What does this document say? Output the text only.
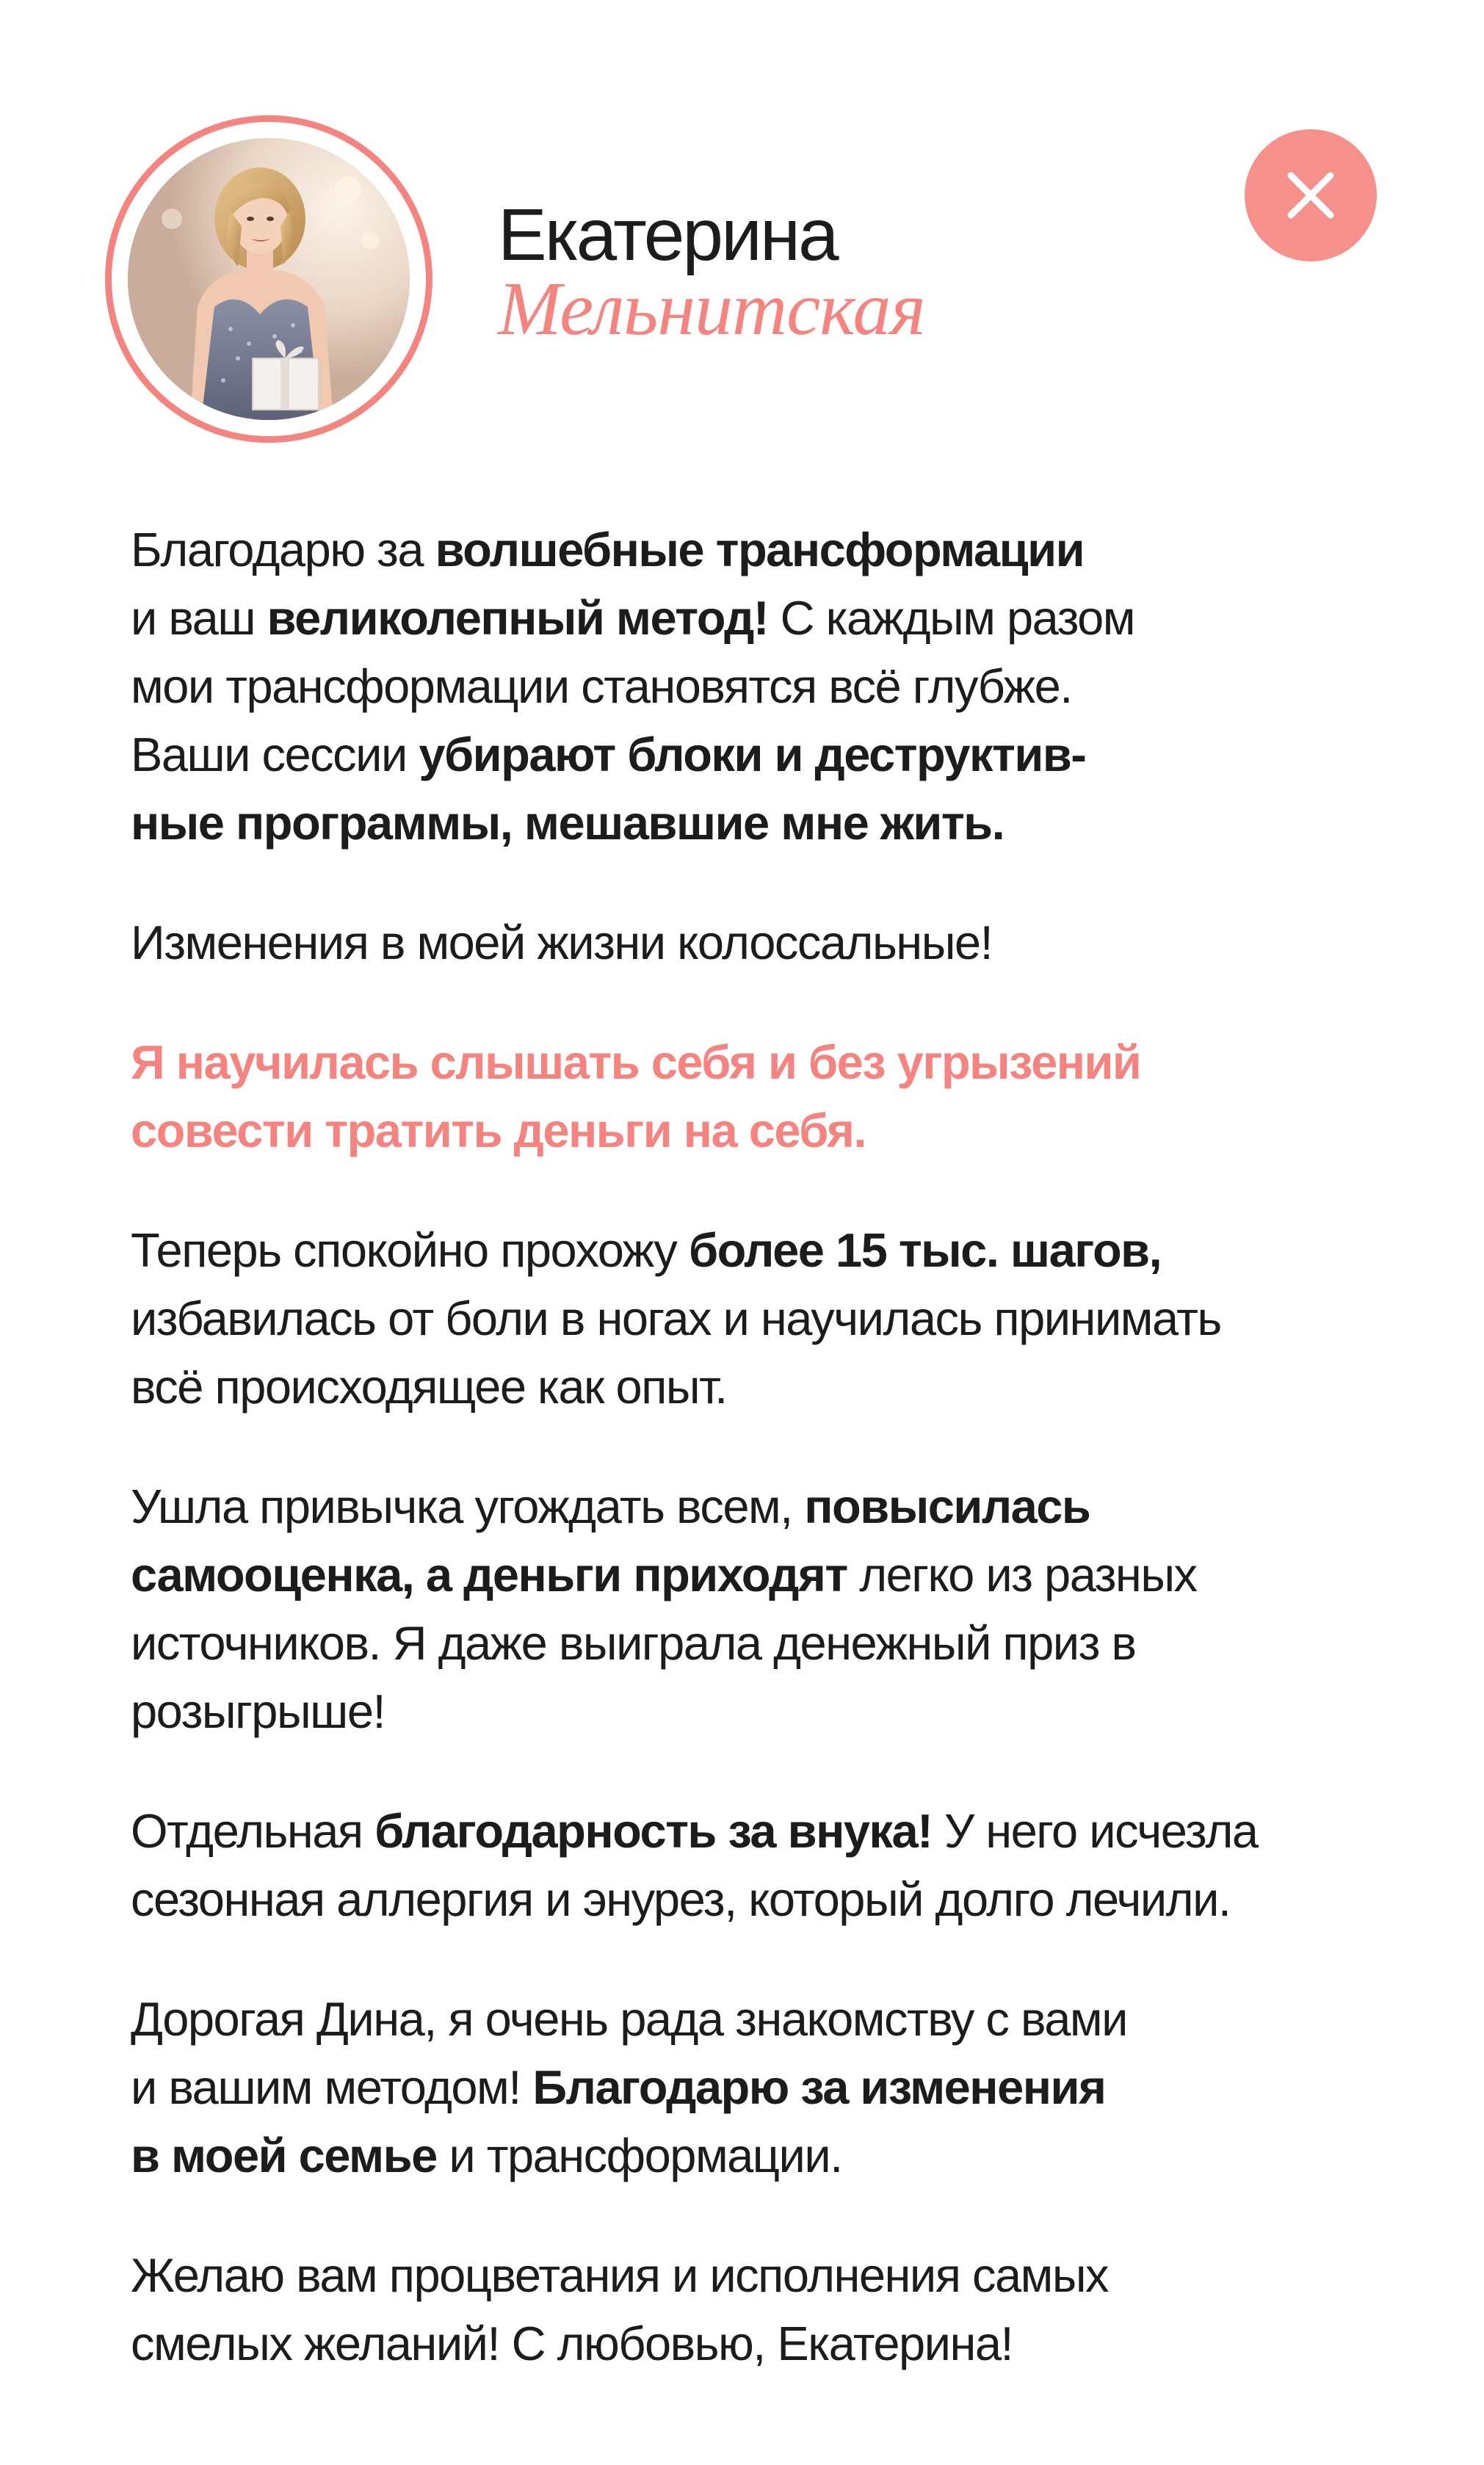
Екатерина
Мельнитская

Благодарю за волшебные трансформации
и ваш великолепный метод! С каждым разом
мои трансформации становятся всё глубже.
Ваши сессии убирают блоки и деструктив-
ные программы, мешавшие мне жить.

Изменения в моей жизни колоссальные!

Я научилась слышать себя и без угрызений
совести тратить деньги на себя.

Теперь спокойно прохожу более 15 тыс. шагов,
избавилась от боли в ногах и научилась принимать
всё происходящее как опыт.

Ушла привычка угождать всем, повысилась
самооценка, а деньги приходят легко из разных
источников. Я даже выиграла денежный приз в
розыгрыше!

Отдельная благодарность за внука! У него исчезла
сезонная аллергия и энурез, который долго лечили.

Дорогая Дина, я очень рада знакомству с вами
и вашим методом! Благодарю за изменения
в моей семье и трансформации.

Желаю вам процветания и исполнения самых
смелых желаний! С любовью, Екатерина!
